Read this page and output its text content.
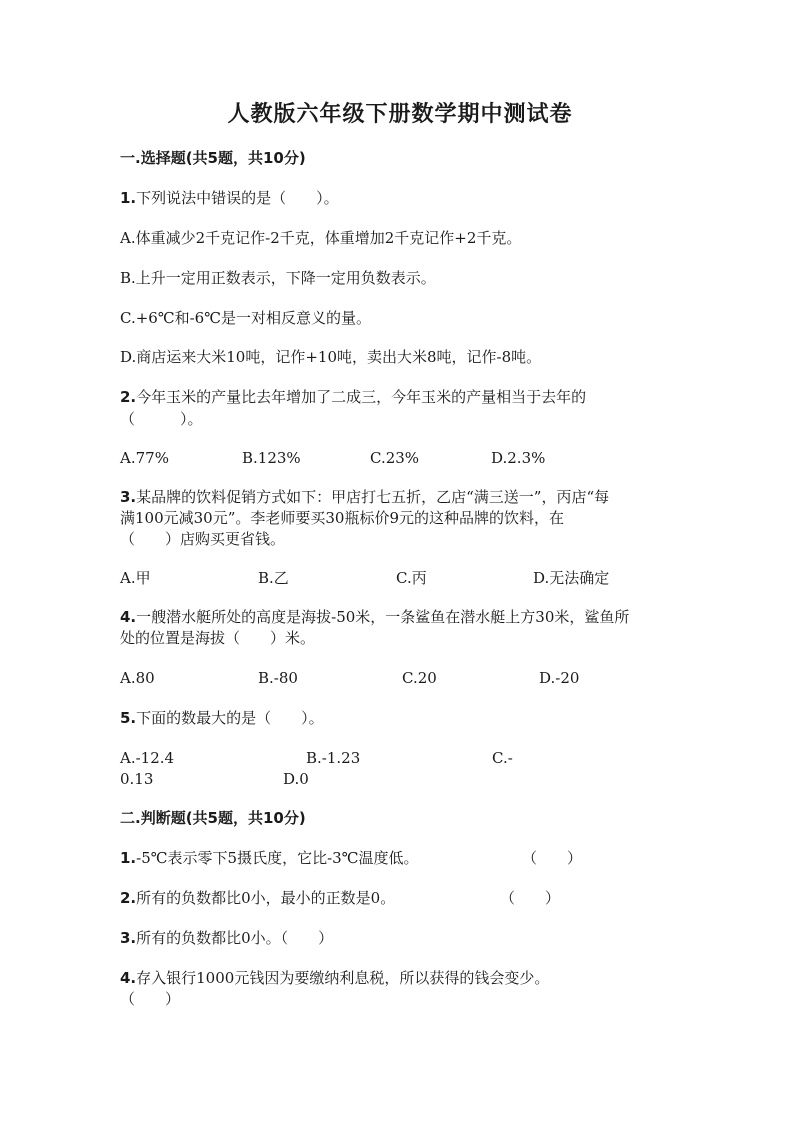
人教版六年级下册数学期中测试卷
一.选择题(共5题，共10分)
1.下列说法中错误的是（　　）。
A.体重减少2千克记作-2千克，体重增加2千克记作+2千克。
B.上升一定用正数表示，下降一定用负数表示。
C.+6℃和-6℃是一对相反意义的量。
D.商店运来大米10吨，记作+10吨，卖出大米8吨，记作-8吨。
2.今年玉米的产量比去年增加了二成三，今年玉米的产量相当于去年的
（　　　）。
A.77%	B.123%	C.23%	D.2.3%
3.某品牌的饮料促销方式如下：甲店打七五折，乙店“满三送一”，丙店“每
满100元减30元”。李老师要买30瓶标价9元的这种品牌的饮料，在
（　　）店购买更省钱。
A.甲	B.乙	C.丙	D.无法确定
4.一艘潜水艇所处的高度是海拔-50米，一条鲨鱼在潜水艇上方30米，鲨鱼所
处的位置是海拔（　　）米。
A.80	B.-80	C.20	D.-20
5.下面的数最大的是（　　）。
A.-12.4	B.-1.23	C.-
0.13	D.0
二.判断题(共5题，共10分)
1.-5℃表示零下5摄氏度，它比-3℃温度低。	（　　）
2.所有的负数都比0小，最小的正数是0。	（　　）
3.所有的负数都比0小。（　　）
4.存入银行1000元钱因为要缴纳利息税，所以获得的钱会变少。
（　　）
